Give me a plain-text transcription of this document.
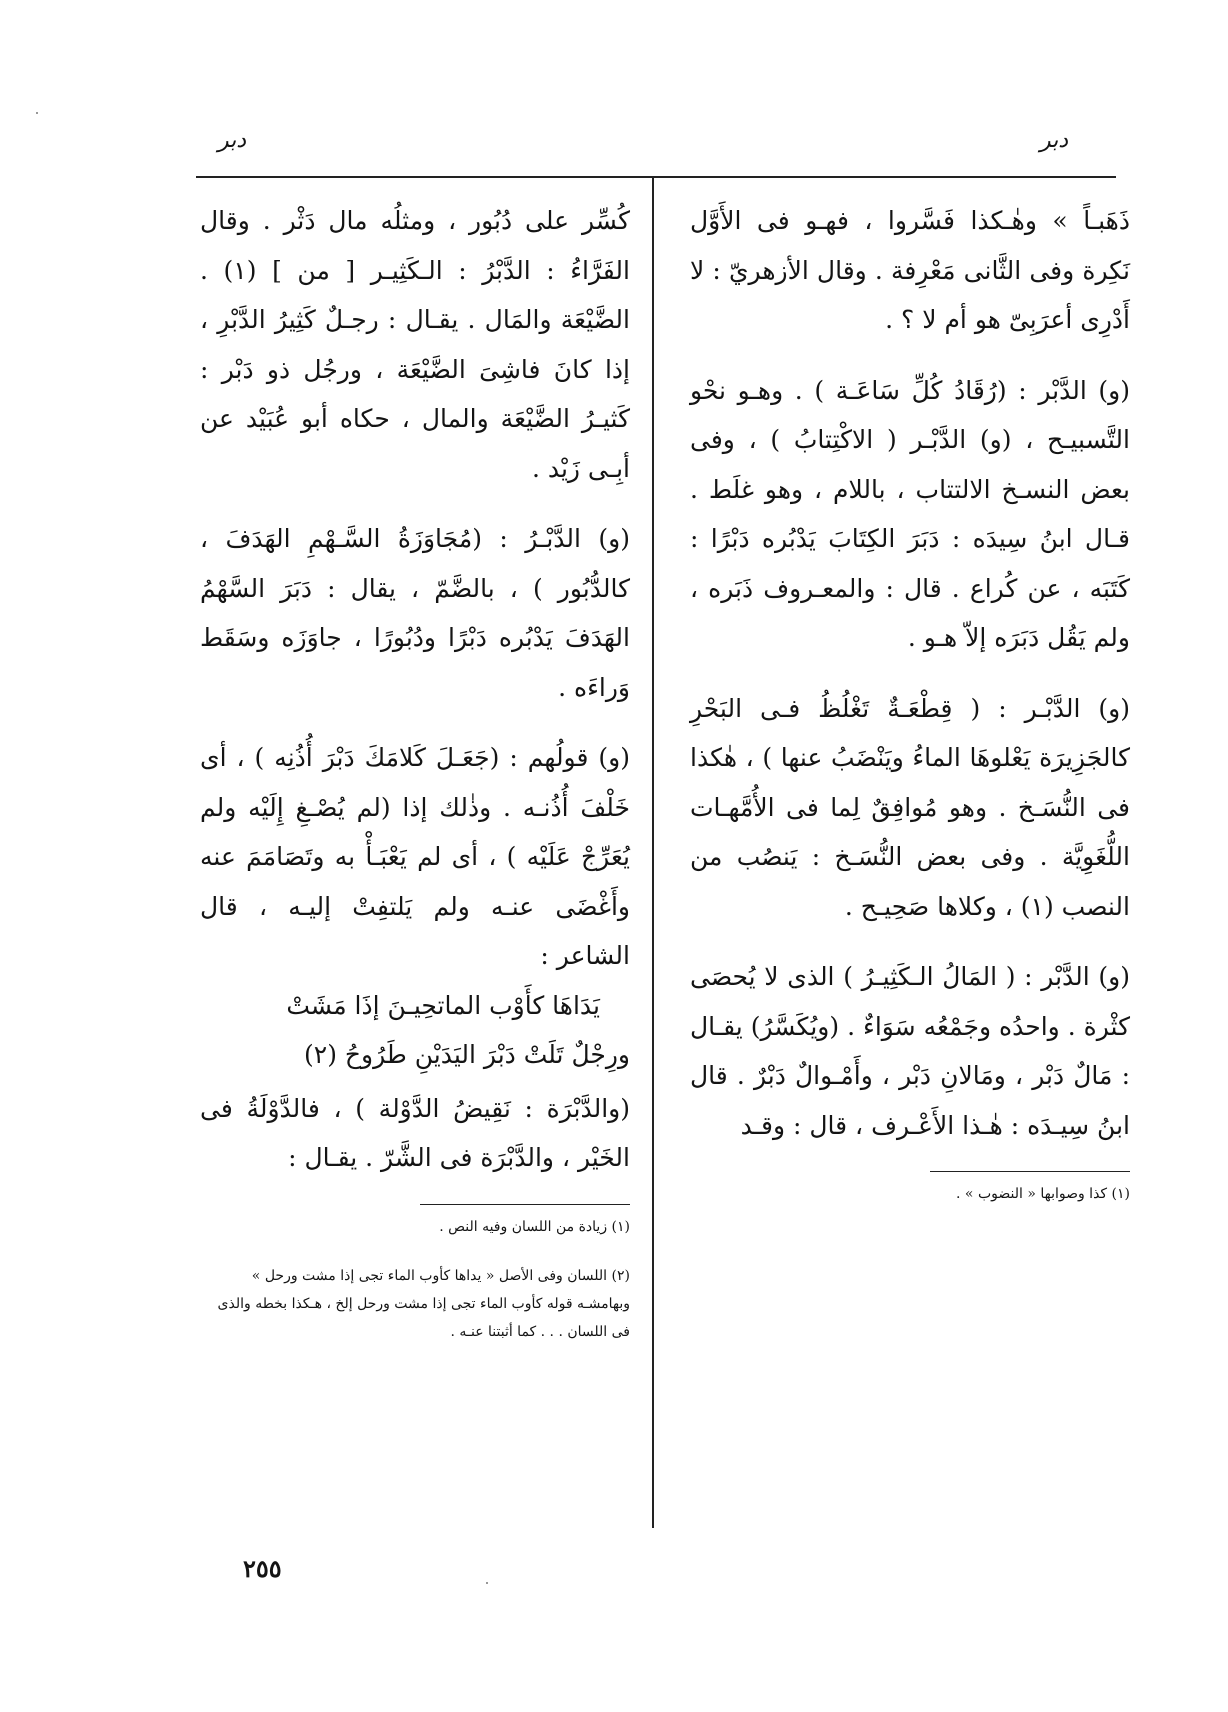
دبر
دبر

ذَهَبـاً » وهٰـكذا فَسَّروا ، فهـو فى الأَوَّل نَكِرة وفى الثَّانى مَعْرِفة . وقال الأزهريّ : لا أَدْرِى أعرَبِىّ هو أم لا ؟ .

(و) الدَّبْر : (رُقَادُ كُلِّ سَاعَـة ) . وهـو نحْو التَّسبيـح ، (و) الدَّبْـر ( الاكْتِتابُ ) ، وفى بعض النسـخ الالتتاب ، باللام ، وهو غلَط . قـال ابنُ سِيدَه : دَبَرَ الكِتَابَ يَدْبُره دَبْرًا : كَتَبَه ، عن كُراع . قال : والمعـروف ذَبَره ، ولم يَقُل دَبَرَه إلاّ هـو .

(و) الدَّبْـر : ( قِطْعَـةٌ تَغْلُظُ فـى البَحْرِ كالجَزِيرَة يَعْلوهَا الماءُ ويَنْضَبُ عنها ) ، هٰكذا فى النُّسَـخ . وهو مُوافِقٌ لِما فى الأُمَّهـات اللُّغَوِيَّة . وفى بعض النُّسَـخ : يَنصُب من النصب (١) ، وكلاها صَحِيـح .

(و) الدَّبْر : ( المَالُ الـكَثِيـرُ ) الذى لا يُحصَى كثْرة . واحدُه وجَمْعُه سَوَاءٌ . (ويُكَسَّرُ) يقـال : مَالٌ دَبْر ، ومَالانِ دَبْر ، وأَمْـوالٌ دَبْرٌ . قال ابنُ سِيـدَه : هٰـذا الأَعْـرف ، قال : وقـد

(١) كذا وصوابها « النضوب » .

كُسِّر على دُبُور ، ومثلُه مال دَثْر . وقال الفَرَّاءُ : الدَّبْرُ : الـكَثِيـر [ من ] (١) . الضَّيْعَة والمَال . يقـال : رجـلٌ كَثِيرُ الدَّبْرِ ، إذا كانَ فاشِىَ الضَّيْعَة ، ورجُل ذو دَبْر : كَثيـرُ الضَّيْعَة والمال ، حكاه أبو عُبَيْد عن أبِـى زَيْد .

(و) الدَّبْـرُ : (مُجَاوَزَةُ السَّـهْمِ الهَدَفَ ، كالدُّبُور ) ، بالضَّمّ ، يقال : دَبَرَ السَّهْمُ الهَدَفَ يَدْبُره دَبْرًا ودُبُورًا ، جاوَزَه وسَقَط وَراءَه .

(و) قولُهم : (جَعَـلَ كَلامَكَ دَبْرَ أُذُنِه ) ، أى خَلْفَ أُذُنـه . وذٰلك إذا (لم يُصْـغِ إِلَيْه ولم يُعَرِّجْ عَلَيْه ) ، أى لم يَعْبَـأْ به وتَصَامَمَ عنه وأَغْضَى عنـه ولم يَلتفِتْ إليـه ، قال الشاعر :

يَدَاهَا كأَوْب الماتحِيـنَ إذَا مَشَتْ

ورِجْلٌ تَلَتْ دَبْرَ اليَدَيْنِ طَرُوحُ (٢)

(والدَّبْرَة : نَقِيضُ الدَّوْلة ) ، فالدَّوْلَةُ فى الخَيْر ، والدَّبْرَة فى الشَّرّ . يقـال :

(١) زيادة من اللسان وفيه النص .

(٢) اللسان وفى الأصل « يداها كأوب الماء تجى إذا مشت ورحل » وبهامشـه قوله كأوب الماء تجى إذا مشت ورحل إلخ ، هـكذا بخطه والذى فى اللسان . . . كما أثبتنا عنـه .

٢٥٥
